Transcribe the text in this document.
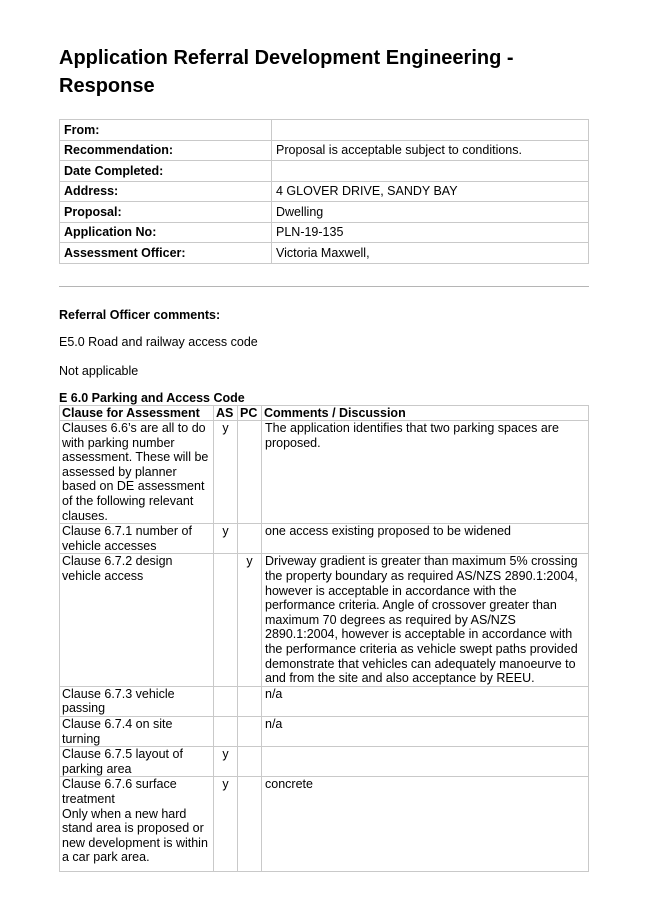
Application Referral Development Engineering - Response
From:	
Recommendation:	Proposal is acceptable subject to conditions.
Date Completed:	
Address:	4 GLOVER DRIVE, SANDY BAY
Proposal:	Dwelling
Application No:	PLN-19-135
Assessment Officer:	Victoria Maxwell,

Referral Officer comments:

E5.0 Road and railway access code

Not applicable

E 6.0 Parking and Access Code

Clause for Assessment	AS	PC	Comments / Discussion
Clauses 6.6’s are all to do with parking number assessment. These will be assessed by planner based on DE assessment of the following relevant clauses.	y		The application identifies that two parking spaces are proposed.
Clause 6.7.1 number of vehicle accesses	y		one access existing proposed to be widened
Clause 6.7.2 design vehicle access		y	Driveway gradient is greater than maximum 5% crossing the property boundary as required AS/NZS 2890.1:2004, however is acceptable in accordance with the performance criteria. Angle of crossover greater than maximum 70 degrees as required by AS/NZS 2890.1:2004, however is acceptable in accordance with the performance criteria as vehicle swept paths provided demonstrate that vehicles can adequately manoeurve to and from the site and also acceptance by REEU.
Clause 6.7.3 vehicle passing			n/a
Clause 6.7.4 on site turning			n/a
Clause 6.7.5 layout of parking area	y		
Clause 6.7.6 surface treatment
Only when a new hard stand area is proposed or new development is within a car park area.	y		concrete
